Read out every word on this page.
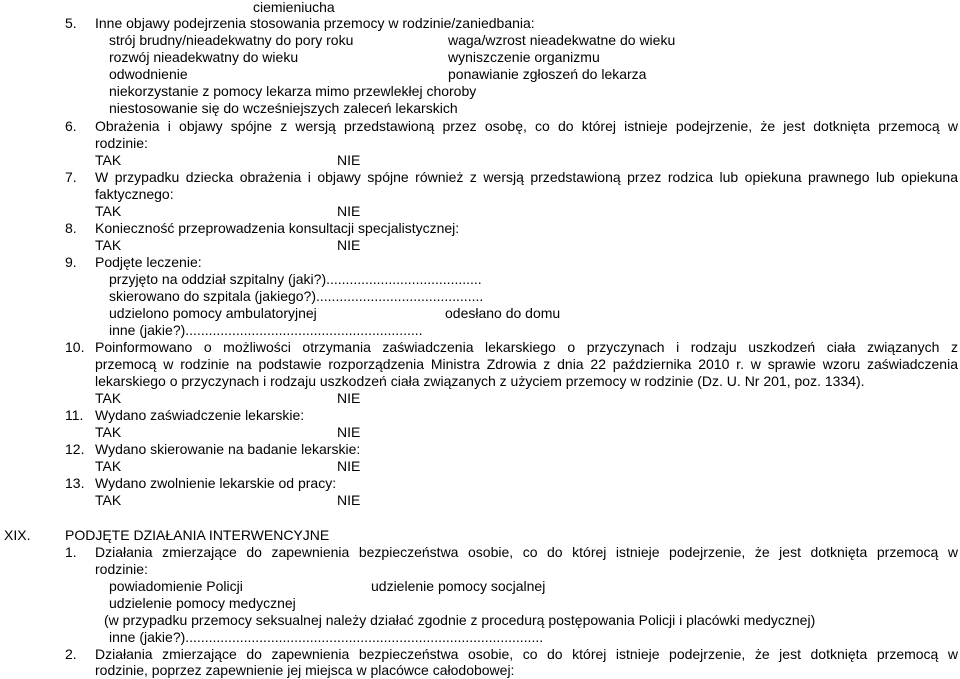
ciemieniucha
5. Inne objawy podejrzenia stosowania przemocy w rodzinie/zaniedbania:
strój brudny/nieadekwatny do pory roku	waga/wzrost nieadekwatne do wieku
rozwój nieadekwatny do wieku	wyniszczenie organizmu
odwodnienie	ponawianie zgłoszeń do lekarza
niekorzystanie z pomocy lekarza mimo przewlekłej choroby
niestosowanie się do wcześniejszych zaleceń lekarskich
6. Obrażenia i objawy spójne z wersją przedstawioną przez osobę, co do której istnieje podejrzenie, że jest dotknięta przemocą w
rodzinie:
TAK	NIE
7. W przypadku dziecka obrażenia i objawy spójne również z wersją przedstawioną przez rodzica lub opiekuna prawnego lub opiekuna
faktycznego:
TAK	NIE
8. Konieczność przeprowadzenia konsultacji specjalistycznej:
TAK	NIE
9. Podjęte leczenie:
przyjęto na oddział szpitalny (jaki?)........................................
skierowano do szpitala (jakiego?)...........................................
udzielono pomocy ambulatoryjnej	odesłano do domu
inne (jakie?).............................................................
10. Poinformowano o możliwości otrzymania zaświadczenia lekarskiego o przyczynach i rodzaju uszkodzeń ciała związanych z
przemocą w rodzinie na podstawie rozporządzenia Ministra Zdrowia z dnia 22 października 2010 r. w sprawie wzoru zaświadczenia
lekarskiego o przyczynach i rodzaju uszkodzeń ciała związanych z użyciem przemocy w rodzinie (Dz. U. Nr 201, poz. 1334).
TAK	NIE
11. Wydano zaświadczenie lekarskie:
TAK	NIE
12. Wydano skierowanie na badanie lekarskie:
TAK	NIE
13. Wydano zwolnienie lekarskie od pracy:
TAK	NIE
XIX. PODJĘTE DZIAŁANIA INTERWENCYJNE
1. Działania zmierzające do zapewnienia bezpieczeństwa osobie, co do której istnieje podejrzenie, że jest dotknięta przemocą w
rodzinie:
powiadomienie Policji	udzielenie pomocy socjalnej
udzielenie pomocy medycznej
(w przypadku przemocy seksualnej należy działać zgodnie z procedurą postępowania Policji i placówki medycznej)
inne (jakie?)............................................................................................
2. Działania zmierzające do zapewnienia bezpieczeństwa osobie, co do której istnieje podejrzenie, że jest dotknięta przemocą w
rodzinie, poprzez zapewnienie jej miejsca w placówce całodobowej:
